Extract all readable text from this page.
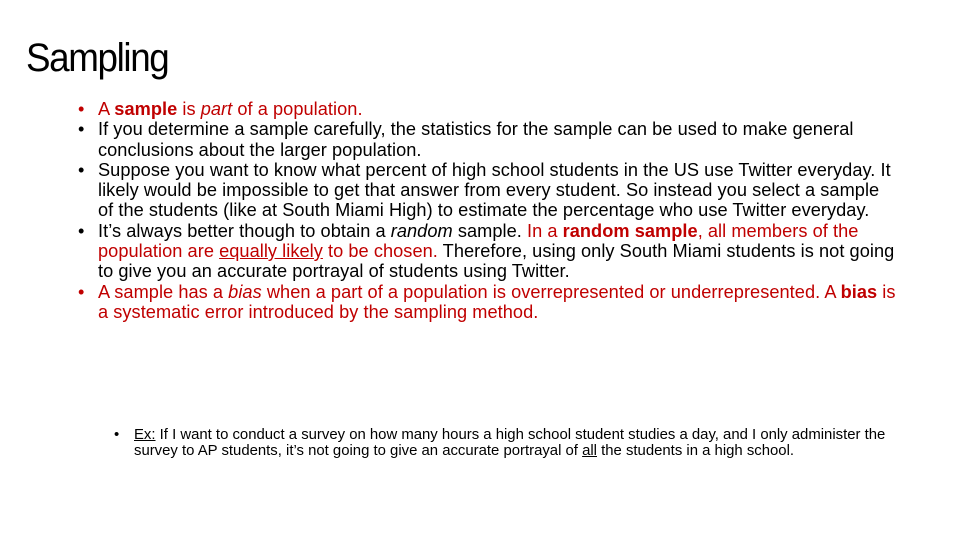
Sampling
• A sample is part of a population.
• If you determine a sample carefully, the statistics for the sample can be used to make general conclusions about the larger population.
• Suppose you want to know what percent of high school students in the US use Twitter everyday. It likely would be impossible to get that answer from every student. So instead you select a sample of the students (like at South Miami High) to estimate the percentage who use Twitter everyday.
• It’s always better though to obtain a random sample. In a random sample, all members of the population are equally likely to be chosen. Therefore, using only South Miami students is not going to give you an accurate portrayal of students using Twitter.
• A sample has a bias when a part of a population is overrepresented or underrepresented. A bias is a systematic error introduced by the sampling method.
• Ex: If I want to conduct a survey on how many hours a high school student studies a day, and I only administer the survey to AP students, it’s not going to give an accurate portrayal of all the students in a high school.
